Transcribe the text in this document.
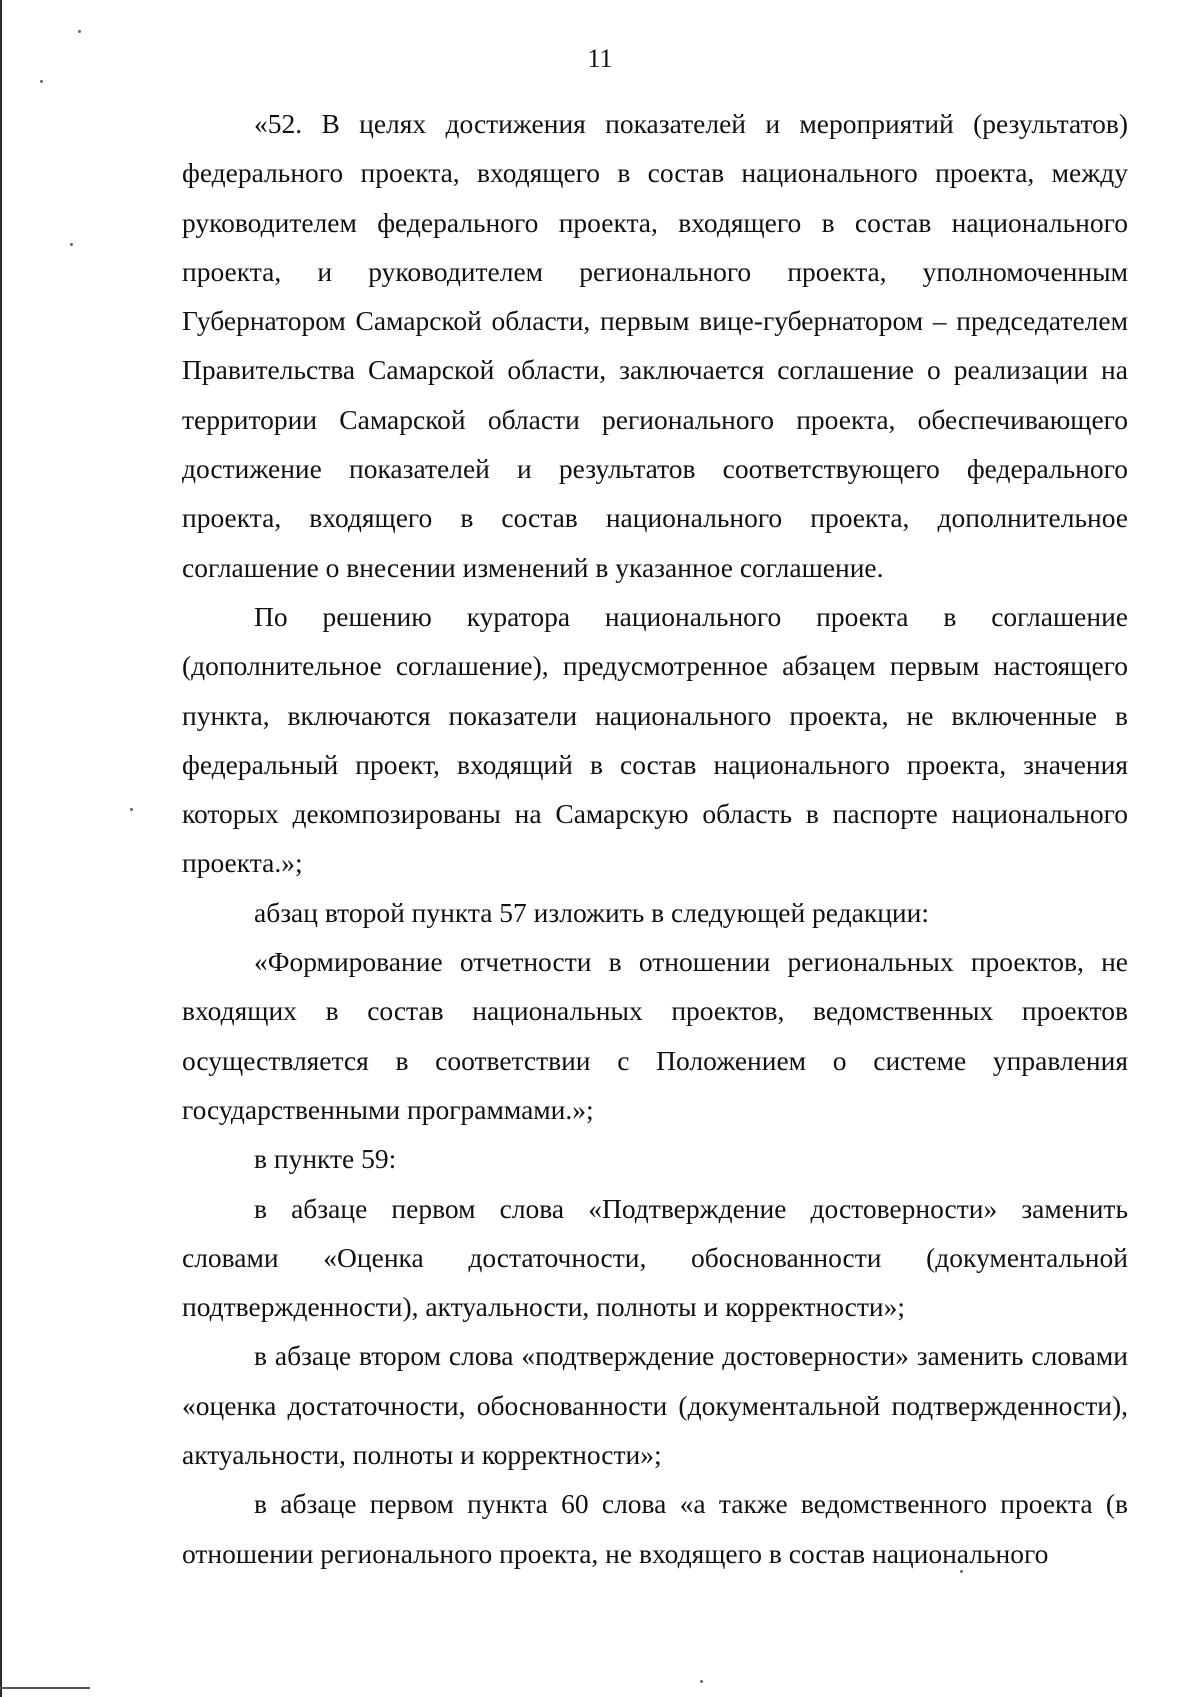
11

«52. В целях достижения показателей и мероприятий (результатов) федерального проекта, входящего в состав национального проекта, между руководителем федерального проекта, входящего в состав национального проекта, и руководителем регионального проекта, уполномоченным Губернатором Самарской области, первым вице-губернатором – председателем Правительства Самарской области, заключается соглашение о реализации на территории Самарской области регионального проекта, обеспечивающего достижение показателей и результатов соответствующего федерального проекта, входящего в состав национального проекта, дополнительное соглашение о внесении изменений в указанное соглашение.

По решению куратора национального проекта в соглашение (дополнительное соглашение), предусмотренное абзацем первым настоящего пункта, включаются показатели национального проекта, не включенные в федеральный проект, входящий в состав национального проекта, значения которых декомпозированы на Самарскую область в паспорте национального проекта.»;

абзац второй пункта 57 изложить в следующей редакции:

«Формирование отчетности в отношении региональных проектов, не входящих в состав национальных проектов, ведомственных проектов осуществляется в соответствии с Положением о системе управления государственными программами.»;

в пункте 59:

в абзаце первом слова «Подтверждение достоверности» заменить словами «Оценка достаточности, обоснованности (документальной подтвержденности), актуальности, полноты и корректности»;

в абзаце втором слова «подтверждение достоверности» заменить словами «оценка достаточности, обоснованности (документальной подтвержденности), актуальности, полноты и корректности»;

в абзаце первом пункта 60 слова «а также ведомственного проекта (в отношении регионального проекта, не входящего в состав национального
